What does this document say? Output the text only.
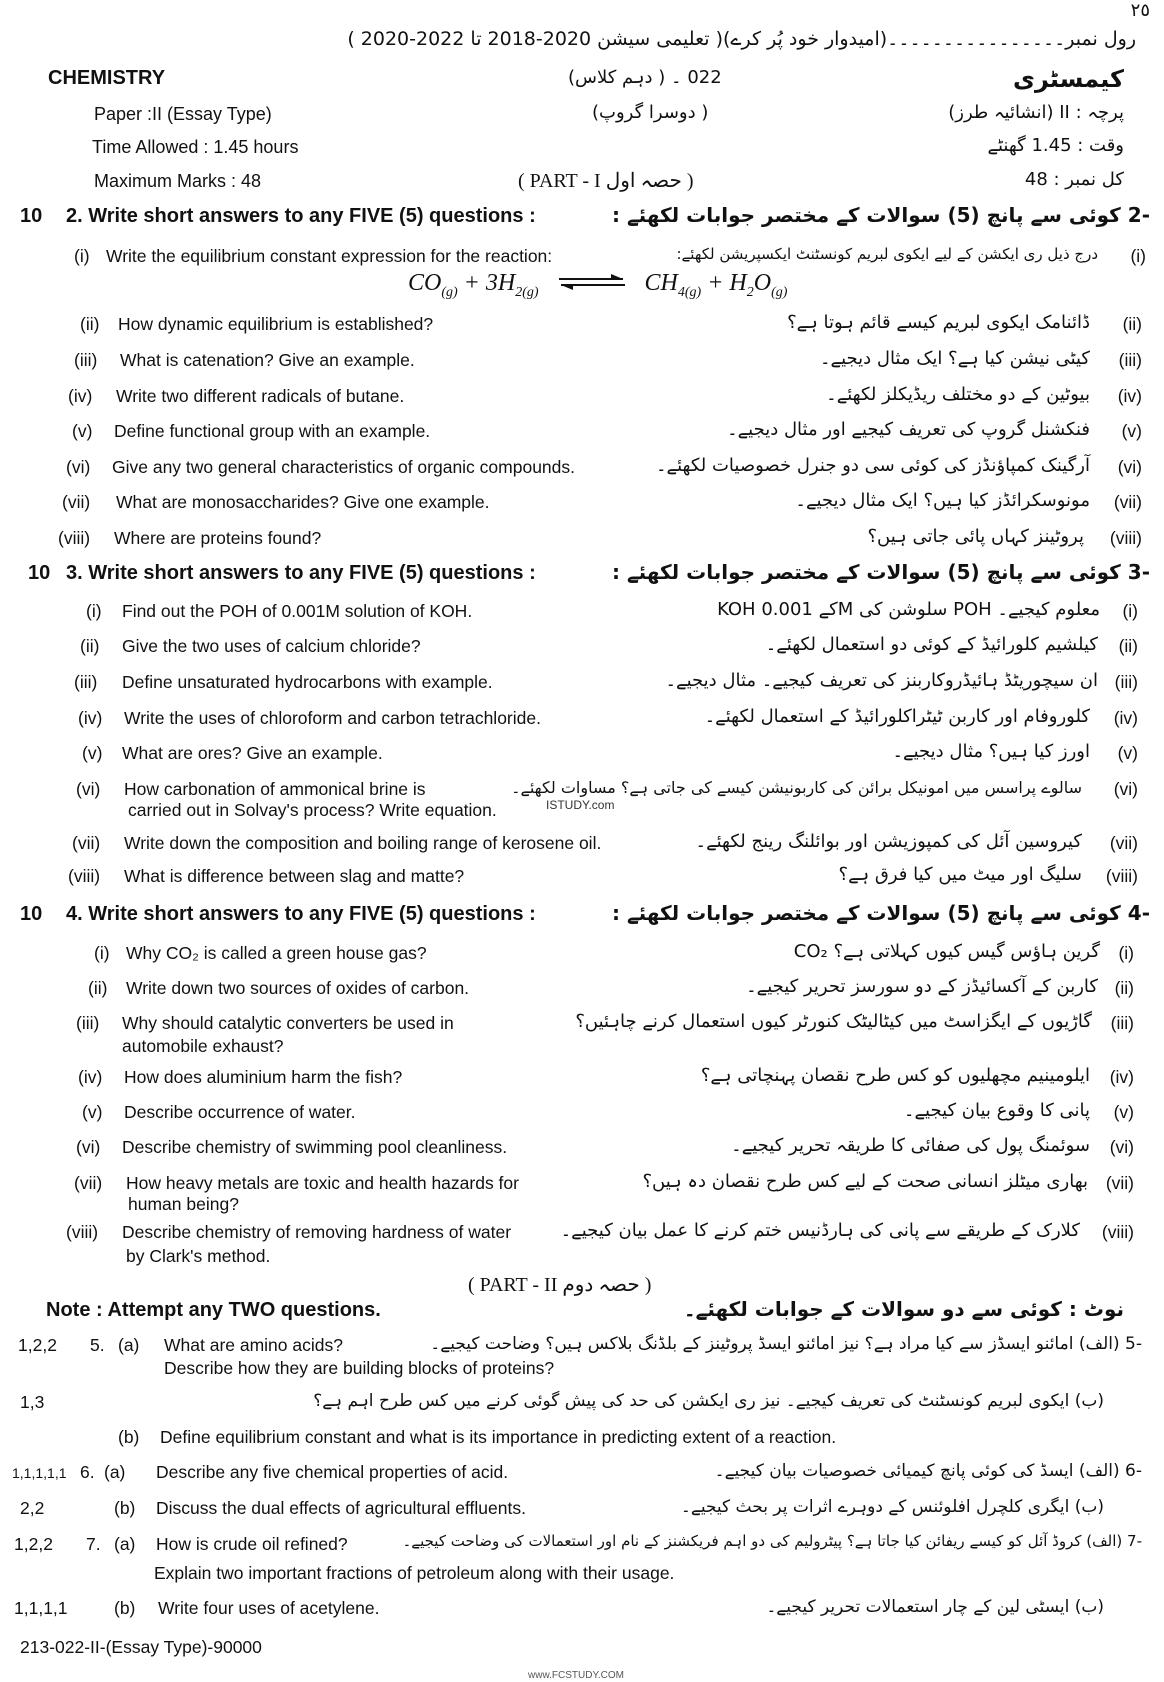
٢٥
رول نمبر۔۔۔۔۔۔۔۔۔۔۔۔۔۔۔۔(امیدوار خود پُر کرے)( تعلیمی سیشن 2020-2018 تا 2022-2020 )
CHEMISTRY	کیمسٹری
022 ۔ ( دہم کلاس)
Paper :II (Essay Type)	( دوسرا گروپ)	پرچہ : II (انشائیہ طرز)
Time Allowed : 1.45 hours	وقت : 1.45 گھنٹے
Maximum Marks : 48	( PART - I حصہ اول )	کل نمبر : 48
10 2. Write short answers to any FIVE (5) questions :	-2 کوئی سے پانچ (5) سوالات کے مختصر جوابات لکھئے :
(i) Write the equilibrium constant expression for the reaction:	درج ذیل ری ایکشن کے لیے ایکوی لبریم کونسٹنٹ ایکسپریشن لکھئے: (i)
$CO_{(g)} + 3H_{2(g)}$ ⇌ $CH_{4(g)} + H_2O_{(g)}$
(ii) How dynamic equilibrium is established?	ڈائنامک ایکوی لبریم کیسے قائم ہوتا ہے؟ (ii)
(iii) What is catenation? Give an example.	کیٹی نیشن کیا ہے؟ ایک مثال دیجیے۔ (iii)
(iv) Write two different radicals of butane.	بیوٹین کے دو مختلف ریڈیکلز لکھئے۔ (iv)
(v) Define functional group with an example.	فنکشنل گروپ کی تعریف کیجیے اور مثال دیجیے۔ (v)
(vi) Give any two general characteristics of organic compounds.	آرگینک کمپاؤنڈز کی کوئی سی دو جنرل خصوصیات لکھئے۔ (vi)
(vii) What are monosaccharides? Give one example.	مونوسکرائڈز کیا ہیں؟ ایک مثال دیجیے۔ (vii)
(viii) Where are proteins found?	پروٹینز کہاں پائی جاتی ہیں؟ (viii)
10 3. Write short answers to any FIVE (5) questions :	-3 کوئی سے پانچ (5) سوالات کے مختصر جوابات لکھئے :
(i) Find out the POH of 0.001M solution of KOH.	KOH کے 0.001M سلوشن کی POH معلوم کیجیے۔ (i)
(ii) Give the two uses of calcium chloride?	کیلشیم کلورائیڈ کے کوئی دو استعمال لکھئے۔ (ii)
(iii) Define unsaturated hydrocarbons with example.	ان سیچوریٹڈ ہائیڈروکاربنز کی تعریف کیجیے۔ مثال دیجیے۔ (iii)
(iv) Write the uses of chloroform and carbon tetrachloride.	کلوروفام اور کاربن ٹیٹراکلورائیڈ کے استعمال لکھئے۔ (iv)
(v) What are ores? Give an example.	اورز کیا ہیں؟ مثال دیجیے۔ (v)
(vi) How carbonation of ammonical brine is
carried out in Solvay's process? Write equation.	ISTUDY.com
سالوے پراسس میں امونیکل برائن کی کاربونیشن کیسے کی جاتی ہے؟ مساوات لکھئے۔ (vi)
(vii) Write down the composition and boiling range of kerosene oil.	کیروسین آئل کی کمپوزیشن اور بوائلنگ رینج لکھئے۔ (vii)
(viii) What is difference between slag and matte?	سلیگ اور میٹ میں کیا فرق ہے؟ (viii)
10 4. Write short answers to any FIVE (5) questions :	-4 کوئی سے پانچ (5) سوالات کے مختصر جوابات لکھئے :
(i) Why CO₂ is called a green house gas?	CO₂ گرین ہاؤس گیس کیوں کہلاتی ہے؟ (i)
(ii) Write down two sources of oxides of carbon.	کاربن کے آکسائیڈز کے دو سورسز تحریر کیجیے۔ (ii)
(iii) Why should catalytic converters be used in
automobile exhaust?
گاڑیوں کے ایگزاسٹ میں کیٹالیٹک کنورٹر کیوں استعمال کرنے چاہئیں؟ (iii)
(iv) How does aluminium harm the fish?	ایلومینیم مچھلیوں کو کس طرح نقصان پہنچاتی ہے؟ (iv)
(v) Describe occurrence of water.	پانی کا وقوع بیان کیجیے۔ (v)
(vi) Describe chemistry of swimming pool cleanliness.	سوئمنگ پول کی صفائی کا طریقہ تحریر کیجیے۔ (vi)
(vii) How heavy metals are toxic and health hazards for
human being?
بھاری میٹلز انسانی صحت کے لیے کس طرح نقصان دہ ہیں؟ (vii)
(viii) Describe chemistry of removing hardness of water
by Clark's method.
کلارک کے طریقے سے پانی کی ہارڈنیس ختم کرنے کا عمل بیان کیجیے۔ (viii)
( PART - II حصہ دوم )
Note : Attempt any TWO questions.	نوٹ : کوئی سے دو سوالات کے جوابات لکھئے۔
1,2,2 5. (a) What are amino acids?
Describe how they are building blocks of proteins?
-5 (الف) امائنو ایسڈز سے کیا مراد ہے؟ نیز امائنو ایسڈ پروٹینز کے بلڈنگ بلاکس ہیں؟ وضاحت کیجیے۔
1,3	(ب) ایکوی لبریم کونسٹنٹ کی تعریف کیجیے۔ نیز ری ایکشن کی حد کی پیش گوئی کرنے میں کس طرح اہم ہے؟
(b) Define equilibrium constant and what is its importance in predicting extent of a reaction.
1,1,1,1,1 6. (a) Describe any five chemical properties of acid.	-6 (الف) ایسڈ کی کوئی پانچ کیمیائی خصوصیات بیان کیجیے۔
2,2	(b) Discuss the dual effects of agricultural effluents.	(ب) ایگری کلچرل افلوئنس کے دوہرے اثرات پر بحث کیجیے۔
1,2,2 7. (a) How is crude oil refined?
Explain two important fractions of petroleum along with their usage.
-7 (الف) کروڈ آئل کو کیسے ریفائن کیا جاتا ہے؟ پیٹرولیم کی دو اہم فریکشنز کے نام اور استعمالات کی وضاحت کیجیے۔
1,1,1,1	(b) Write four uses of acetylene.	(ب) ایسٹی لین کے چار استعمالات تحریر کیجیے۔
213-022-II-(Essay Type)-90000
www.FCSTUDY.COM
